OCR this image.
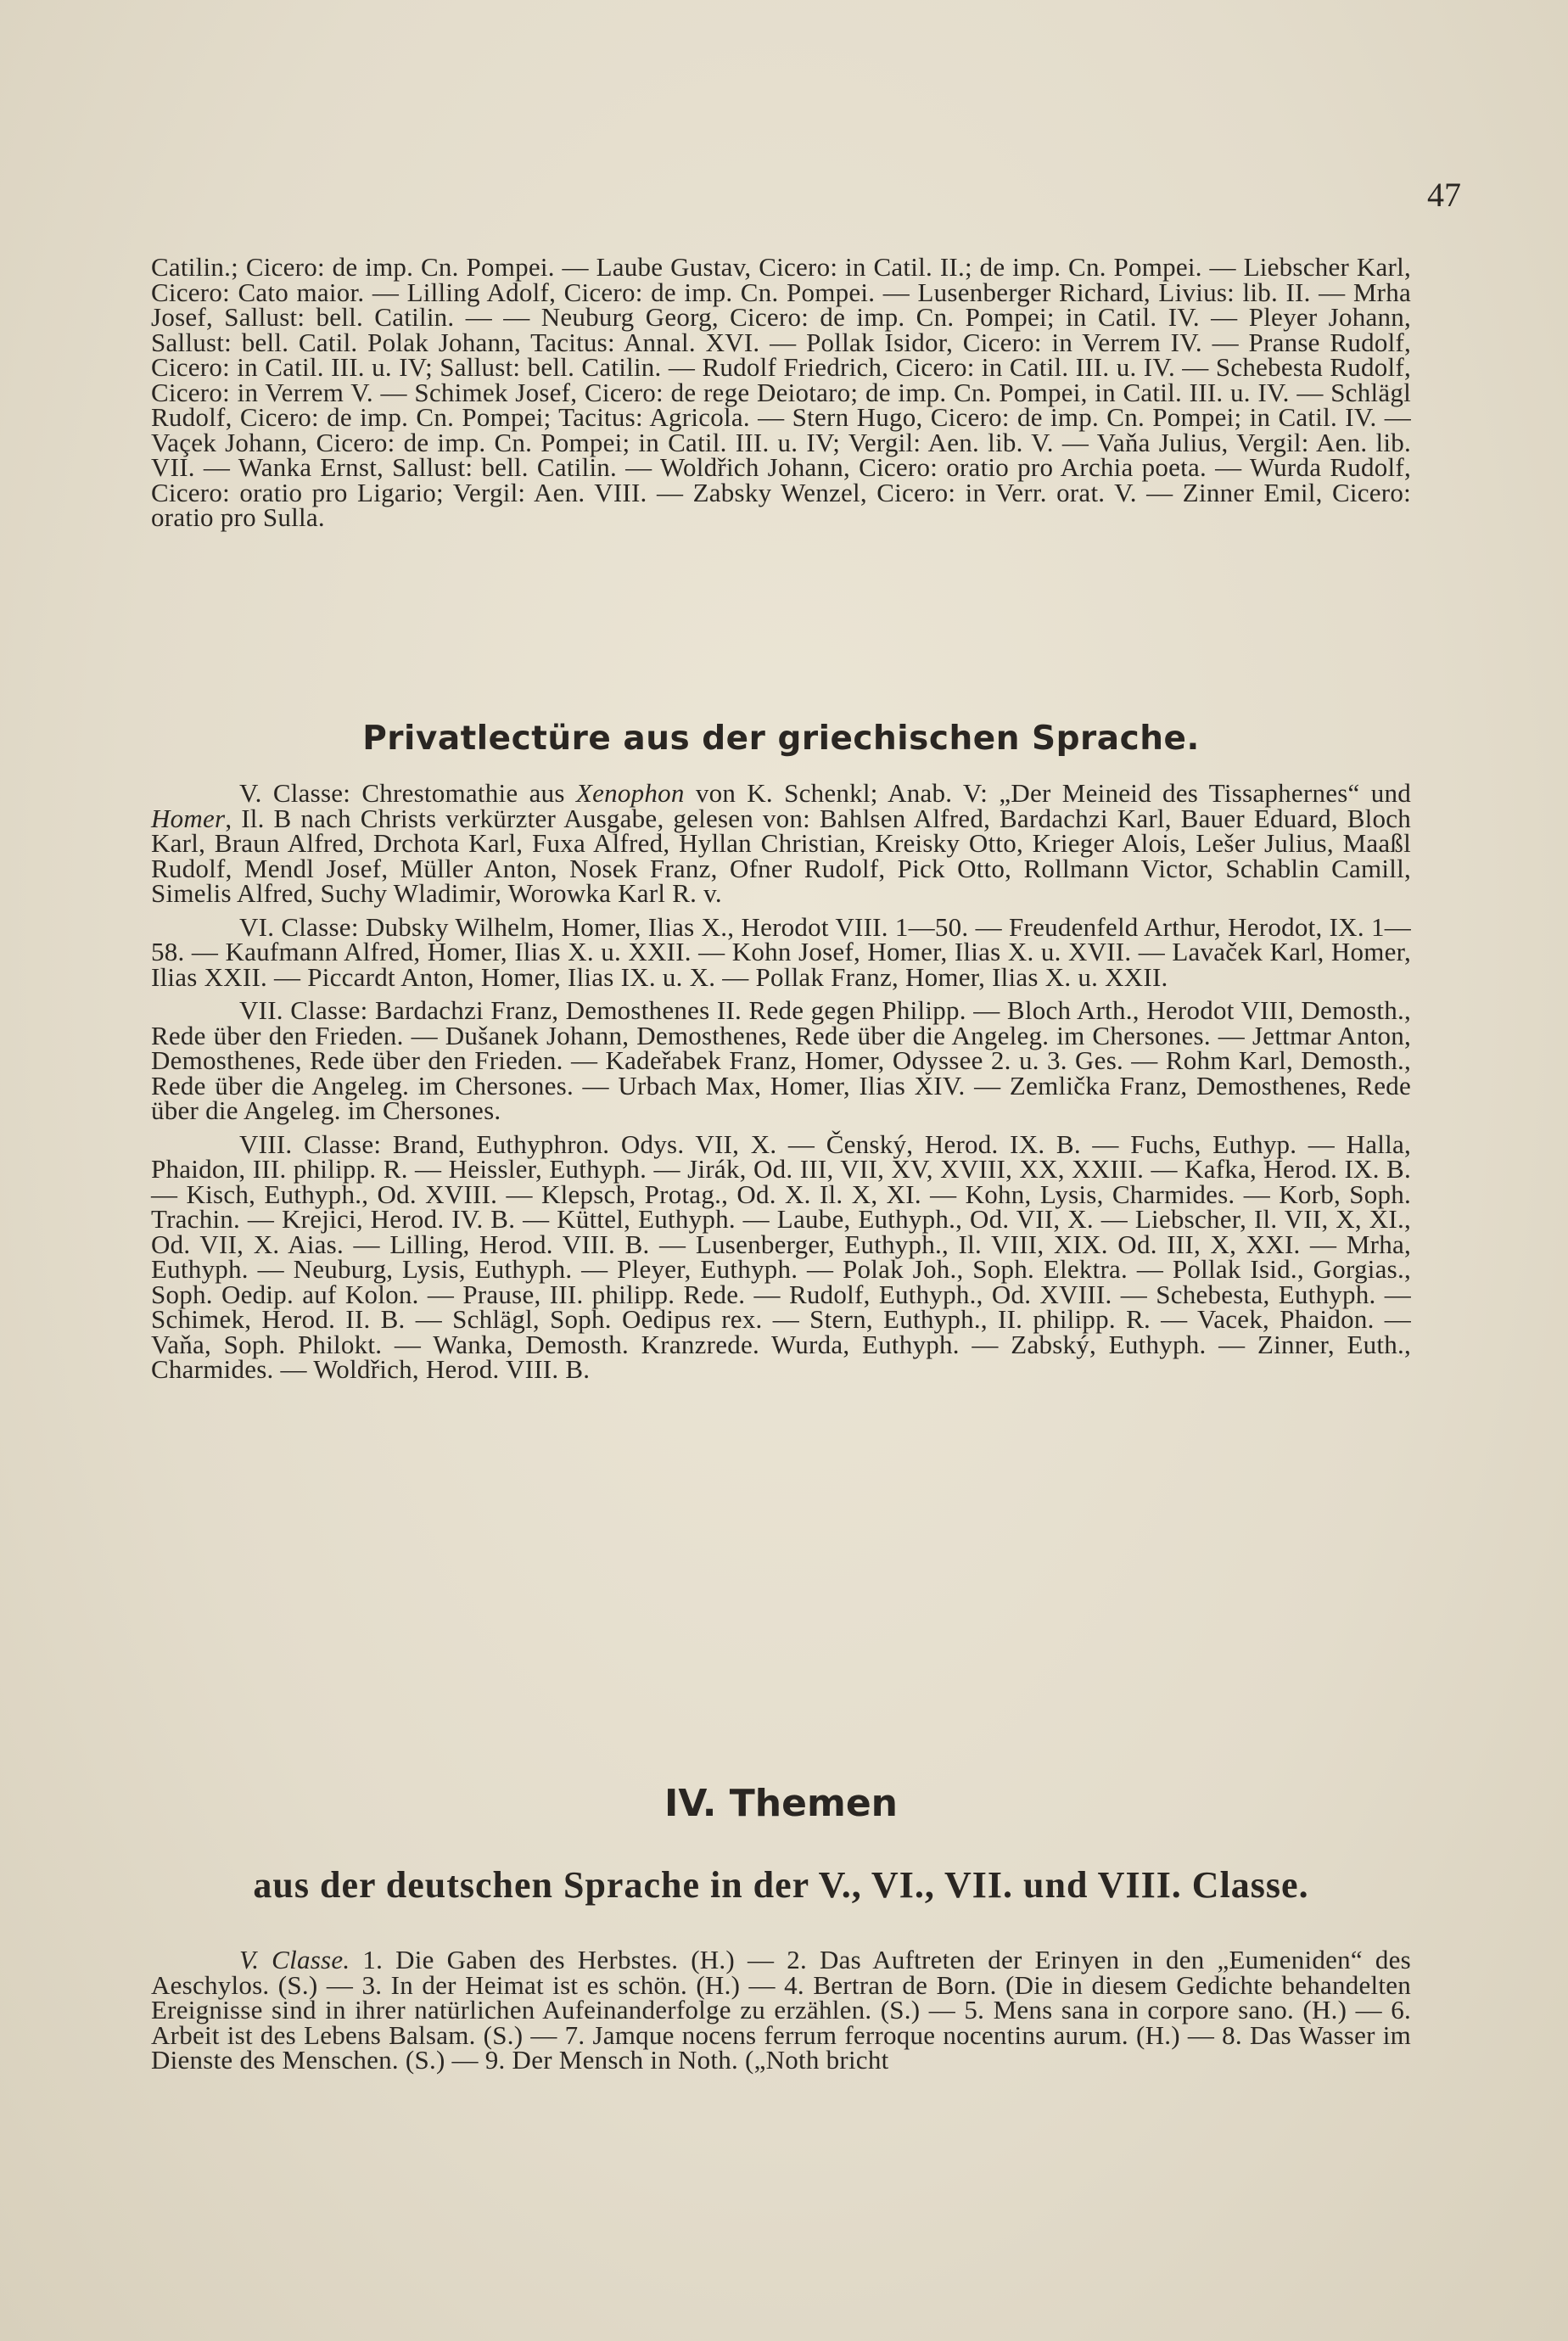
47

Catilin.; Cicero: de imp. Cn. Pompei. — Laube Gustav, Cicero: in Catil. II.; de imp. Cn. Pompei. — Liebscher Karl, Cicero: Cato maior. — Lilling Adolf, Cicero: de imp. Cn. Pompei. — Lusenberger Richard, Livius: lib. II. — Mrha Josef, Sallust: bell. Catilin. — — Neuburg Georg, Cicero: de imp. Cn. Pompei; in Catil. IV. — Pleyer Johann, Sallust: bell. Catil. Polak Johann, Tacitus: Annal. XVI. — Pollak Isidor, Cicero: in Verrem IV. — Pranse Rudolf, Cicero: in Catil. III. u. IV; Sallust: bell. Catilin. — Rudolf Friedrich, Cicero: in Catil. III. u. IV. — Schebesta Rudolf, Cicero: in Verrem V. — Schimek Josef, Cicero: de rege Deiotaro; de imp. Cn. Pompei, in Catil. III. u. IV. — Schlägl Rudolf, Cicero: de imp. Cn. Pompei; Tacitus: Agricola. — Stern Hugo, Cicero: de imp. Cn. Pompei; in Catil. IV. — Vaçek Johann, Cicero: de imp. Cn. Pompei; in Catil. III. u. IV; Vergil: Aen. lib. V. — Vaňa Julius, Vergil: Aen. lib. VII. — Wanka Ernst, Sallust: bell. Catilin. — Woldřich Johann, Cicero: oratio pro Archia poeta. — Wurda Rudolf, Cicero: oratio pro Ligario; Vergil: Aen. VIII. — Zabsky Wenzel, Cicero: in Verr. orat. V. — Zinner Emil, Cicero: oratio pro Sulla.

Privatlectüre aus der griechischen Sprache.

V. Classe: Chrestomathie aus Xenophon von K. Schenkl; Anab. V: „Der Meineid des Tissaphernes“ und Homer, Il. B nach Christs verkürzter Ausgabe, gelesen von: Bahlsen Alfred, Bardachzi Karl, Bauer Eduard, Bloch Karl, Braun Alfred, Drchota Karl, Fuxa Alfred, Hyllan Christian, Kreisky Otto, Krieger Alois, Lešer Julius, Maaßl Rudolf, Mendl Josef, Müller Anton, Nosek Franz, Ofner Rudolf, Pick Otto, Rollmann Victor, Schablin Camill, Simelis Alfred, Suchy Wladimir, Worowka Karl R. v.

VI. Classe: Dubsky Wilhelm, Homer, Ilias X., Herodot VIII. 1—50. — Freudenfeld Arthur, Herodot, IX. 1—58. — Kaufmann Alfred, Homer, Ilias X. u. XXII. — Kohn Josef, Homer, Ilias X. u. XVII. — Lavaček Karl, Homer, Ilias XXII. — Piccardt Anton, Homer, Ilias IX. u. X. — Pollak Franz, Homer, Ilias X. u. XXII.

VII. Classe: Bardachzi Franz, Demosthenes II. Rede gegen Philipp. — Bloch Arth., Herodot VIII, Demosth., Rede über den Frieden. — Dušanek Johann, Demosthenes, Rede über die Angeleg. im Chersones. — Jettmar Anton, Demosthenes, Rede über den Frieden. — Kadeřabek Franz, Homer, Odyssee 2. u. 3. Ges. — Rohm Karl, Demosth., Rede über die Angeleg. im Chersones. — Urbach Max, Homer, Ilias XIV. — Zemlička Franz, Demosthenes, Rede über die Angeleg. im Chersones.

VIII. Classe: Brand, Euthyphron. Odys. VII, X. — Čenský, Herod. IX. B. — Fuchs, Euthyp. — Halla, Phaidon, III. philipp. R. — Heissler, Euthyph. — Jirák, Od. III, VII, XV, XVIII, XX, XXIII. — Kafka, Herod. IX. B. — Kisch, Euthyph., Od. XVIII. — Klepsch, Protag., Od. X. Il. X, XI. — Kohn, Lysis, Charmides. — Korb, Soph. Trachin. — Krejici, Herod. IV. B. — Küttel, Euthyph. — Laube, Euthyph., Od. VII, X. — Liebscher, Il. VII, X, XI., Od. VII, X. Aias. — Lilling, Herod. VIII. B. — Lusenberger, Euthyph., Il. VIII, XIX. Od. III, X, XXI. — Mrha, Euthyph. — Neuburg, Lysis, Euthyph. — Pleyer, Euthyph. — Polak Joh., Soph. Elektra. — Pollak Isid., Gorgias., Soph. Oedip. auf Kolon. — Prause, III. philipp. Rede. — Rudolf, Euthyph., Od. XVIII. — Schebesta, Euthyph. — Schimek, Herod. II. B. — Schlägl, Soph. Oedipus rex. — Stern, Euthyph., II. philipp. R. — Vacek, Phaidon. — Vaňa, Soph. Philokt. — Wanka, Demosth. Kranzrede. Wurda, Euthyph. — Zabský, Euthyph. — Zinner, Euth., Charmides. — Woldřich, Herod. VIII. B.

IV. Themen
aus der deutschen Sprache in der V., VI., VII. und VIII. Classe.

V. Classe. 1. Die Gaben des Herbstes. (H.) — 2. Das Auftreten der Erinyen in den „Eumeniden“ des Aeschylos. (S.) — 3. In der Heimat ist es schön. (H.) — 4. Bertran de Born. (Die in diesem Gedichte behandelten Ereignisse sind in ihrer natürlichen Aufeinanderfolge zu erzählen. (S.) — 5. Mens sana in corpore sano. (H.) — 6. Arbeit ist des Lebens Balsam. (S.) — 7. Jamque nocens ferrum ferroque nocentins aurum. (H.) — 8. Das Wasser im Dienste des Menschen. (S.) — 9. Der Mensch in Noth. („Noth bricht
